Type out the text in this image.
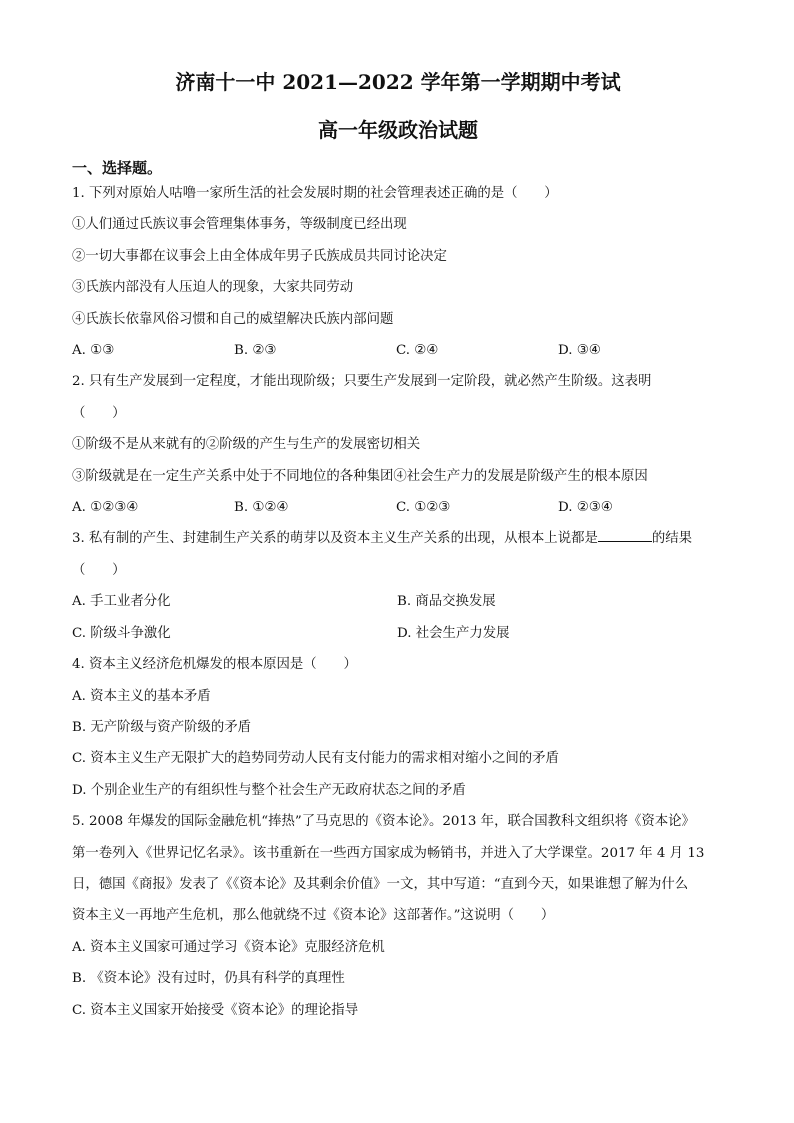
济南十一中 2021—2022 学年第一学期期中考试
高一年级政治试题
一、选择题。
1. 下列对原始人咕噜一家所生活的社会发展时期的社会管理表述正确的是（　　）
①人们通过氏族议事会管理集体事务，等级制度已经出现
②一切大事都在议事会上由全体成年男子氏族成员共同讨论决定
③氏族内部没有人压迫人的现象，大家共同劳动
④氏族长依靠风俗习惯和自己的威望解决氏族内部问题
A. ①③	B. ②③	C. ②④	D. ③④
2. 只有生产发展到一定程度，才能出现阶级；只要生产发展到一定阶段，就必然产生阶级。这表明
（　　）
①阶级不是从来就有的②阶级的产生与生产的发展密切相关
③阶级就是在一定生产关系中处于不同地位的各种集团④社会生产力的发展是阶级产生的根本原因
A. ①②③④	B. ①②④	C. ①②③	D. ②③④
3. 私有制的产生、封建制生产关系的萌芽以及资本主义生产关系的出现，从根本上说都是	的结果
（　　）
A. 手工业者分化	B. 商品交换发展
C. 阶级斗争激化	D. 社会生产力发展
4. 资本主义经济危机爆发的根本原因是（　　）
A. 资本主义的基本矛盾
B. 无产阶级与资产阶级的矛盾
C. 资本主义生产无限扩大的趋势同劳动人民有支付能力的需求相对缩小之间的矛盾
D. 个别企业生产的有组织性与整个社会生产无政府状态之间的矛盾
5. 2008 年爆发的国际金融危机“捧热”了马克思的《资本论》。2013 年，联合国教科文组织将《资本论》
第一卷列入《世界记忆名录》。该书重新在一些西方国家成为畅销书，并进入了大学课堂。2017 年 4 月 13
日，德国《商报》发表了《《资本论》及其剩余价值》一文，其中写道：“直到今天，如果谁想了解为什么
资本主义一再地产生危机，那么他就绕不过《资本论》这部著作。”这说明（　　）
A. 资本主义国家可通过学习《资本论》克服经济危机
B. 《资本论》没有过时，仍具有科学的真理性
C. 资本主义国家开始接受《资本论》的理论指导
